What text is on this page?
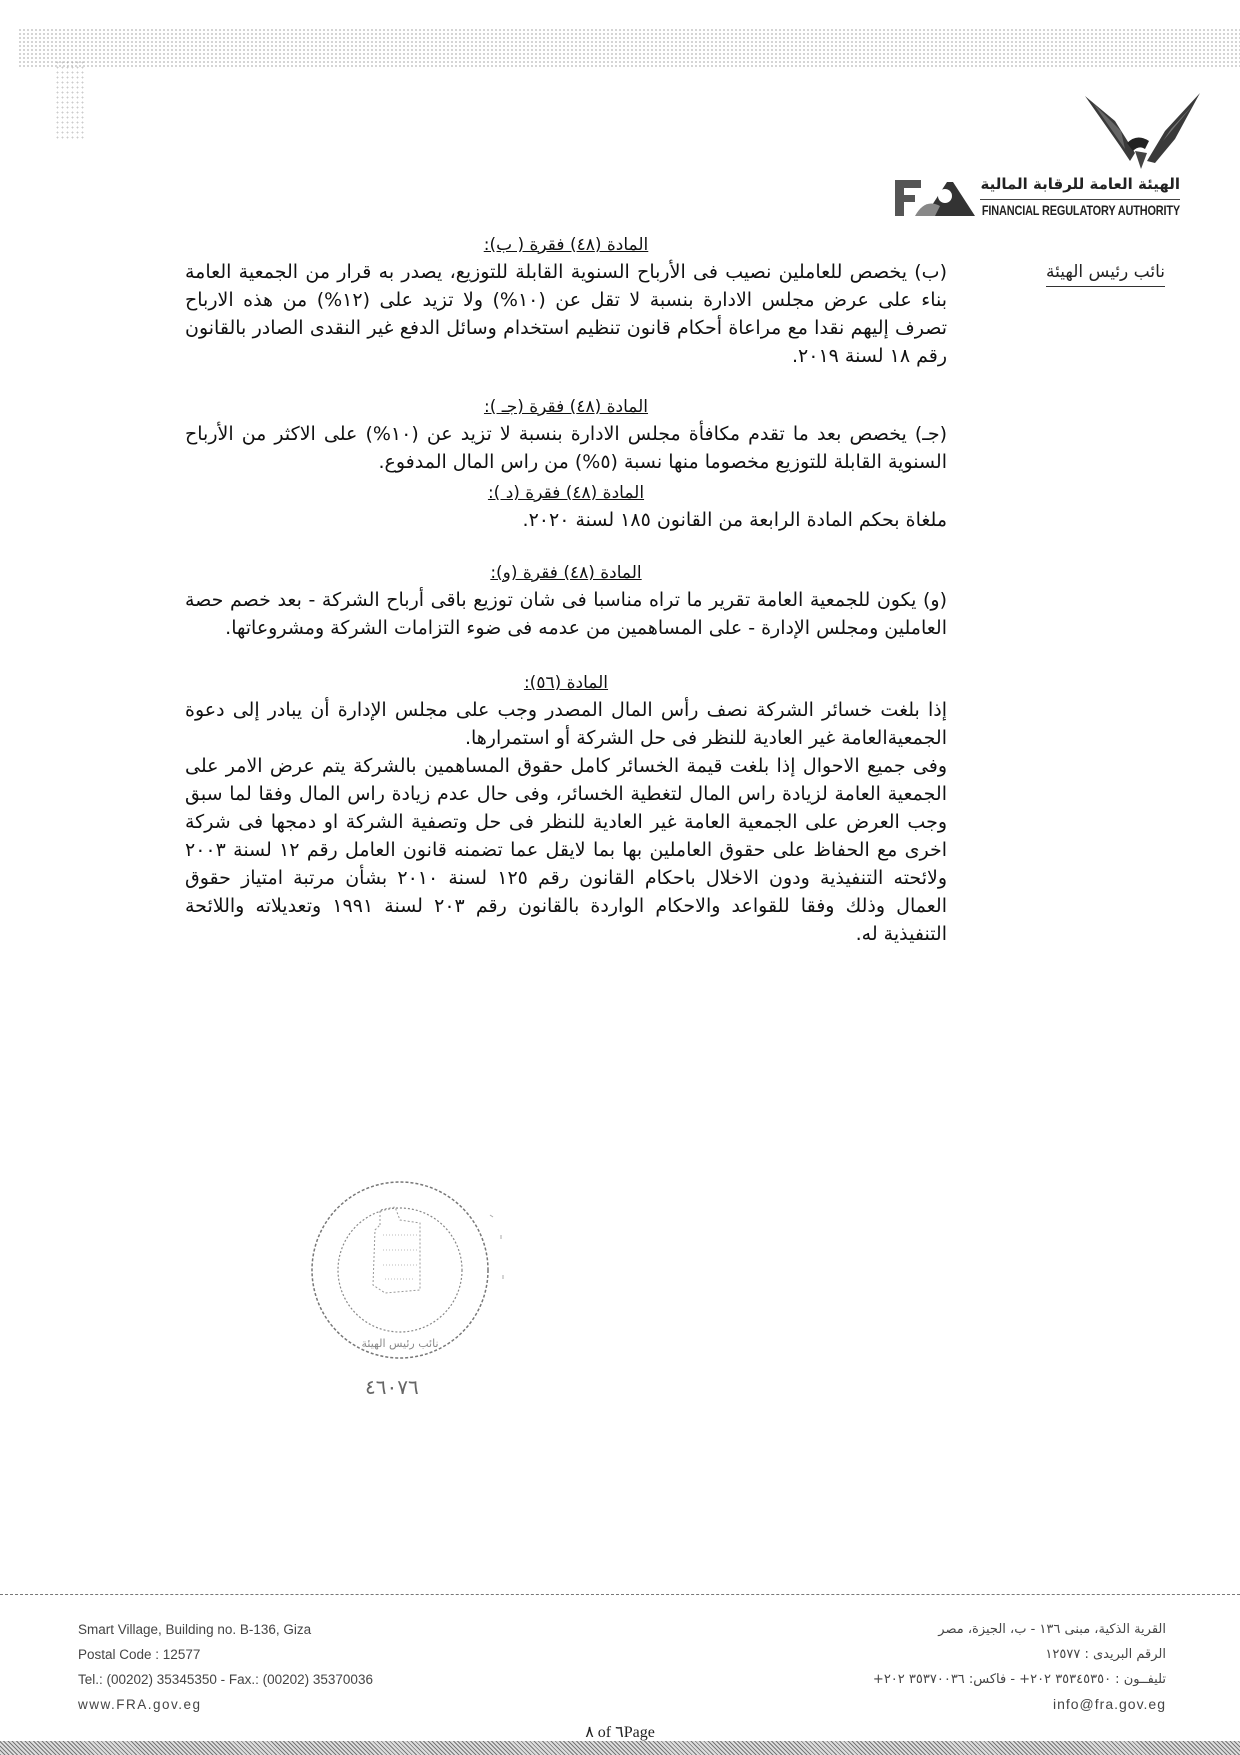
الهيئة العامة للرقابة المالية
FINANCIAL REGULATORY AUTHORITY
نائب رئيس الهيئة

المادة (٤٨) فقرة ( ب):

(ب) يخصص للعاملين نصيب فى الأرباح السنوية القابلة للتوزيع، يصدر به قرار من الجمعية العامة بناء على عرض مجلس الادارة بنسبة لا تقل عن (١٠%) ولا تزيد على (١٢%) من هذه الارباح تصرف إليهم نقدا مع مراعاة أحكام قانون تنظيم استخدام وسائل الدفع غير النقدى الصادر بالقانون رقم ١٨ لسنة ٢٠١٩.

المادة (٤٨) فقرة (جـ ):

(جـ) يخصص بعد ما تقدم مكافأة مجلس الادارة بنسبة لا تزيد عن (١٠%) على الاكثر من الأرباح السنوية القابلة للتوزيع مخصوما منها نسبة (٥%) من راس المال المدفوع.

المادة (٤٨) فقرة (د ):

ملغاة بحكم المادة الرابعة من القانون ١٨٥ لسنة ٢٠٢٠.

المادة (٤٨) فقرة (و):

(و) يكون للجمعية العامة تقرير ما تراه مناسبا فى شان توزيع باقى أرباح الشركة - بعد خصم حصة العاملين ومجلس الإدارة - على المساهمين من عدمه فى ضوء التزامات الشركة ومشروعاتها.

المادة (٥٦):

إذا بلغت خسائر الشركة نصف رأس المال المصدر وجب على مجلس الإدارة أن يبادر إلى دعوة الجمعيةالعامة غير العادية للنظر فى حل الشركة أو استمرارها.

وفى جميع الاحوال إذا بلغت قيمة الخسائر كامل حقوق المساهمين بالشركة يتم عرض الامر على الجمعية العامة لزيادة راس المال لتغطية الخسائر، وفى حال عدم زيادة راس المال وفقا لما سبق وجب العرض على الجمعية العامة غير العادية للنظر فى حل وتصفية الشركة او دمجها فى شركة اخرى مع الحفاظ على حقوق العاملين بها بما لايقل عما تضمنه قانون العامل رقم ١٢ لسنة ٢٠٠٣ ولائحته التنفيذية ودون الاخلال باحكام القانون رقم ١٢٥ لسنة ٢٠١٠ بشأن مرتبة امتياز حقوق العمال وذلك وفقا للقواعد والاحكام الواردة بالقانون رقم ٢٠٣ لسنة ١٩٩١ وتعديلاته واللائحة التنفيذية له.

نائب رئيس الهيئة
٤٦٠٧٦
Smart Village, Building no. B-136, Giza
Postal Code : 12577
Tel.: (00202) 35345350 - Fax.: (00202) 35370036
www.FRA.gov.eg
القرية الذكية، مبنى ١٣٦ - ب، الجيزة، مصر
الرقم البريدى : ١٢٥٧٧
تليفــون : ٣٥٣٤٥٣٥٠ ٢٠٢+ - فاكس: ٣٥٣٧٠٠٣٦ ٢٠٢+
info@fra.gov.eg
٨ of ٦Page
